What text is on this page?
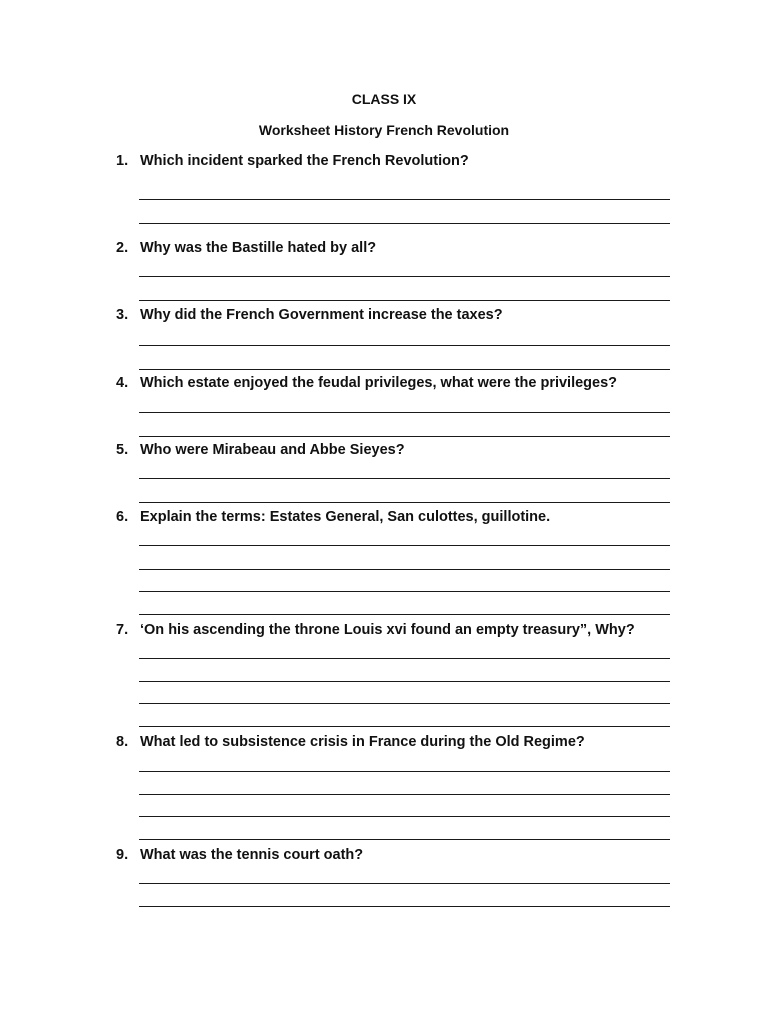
CLASS IX
Worksheet History French Revolution
1. Which incident sparked the French Revolution?
2. Why was the Bastille hated by all?
3. Why did the French Government increase the taxes?
4. Which estate enjoyed the feudal privileges, what were the privileges?
5. Who were Mirabeau and Abbe Sieyes?
6. Explain the terms: Estates General, San culottes, guillotine.
7. ‘On his ascending the throne Louis xvi found an empty treasury”, Why?
8. What led to subsistence crisis in France during the Old Regime?
9. What was the tennis court oath?
